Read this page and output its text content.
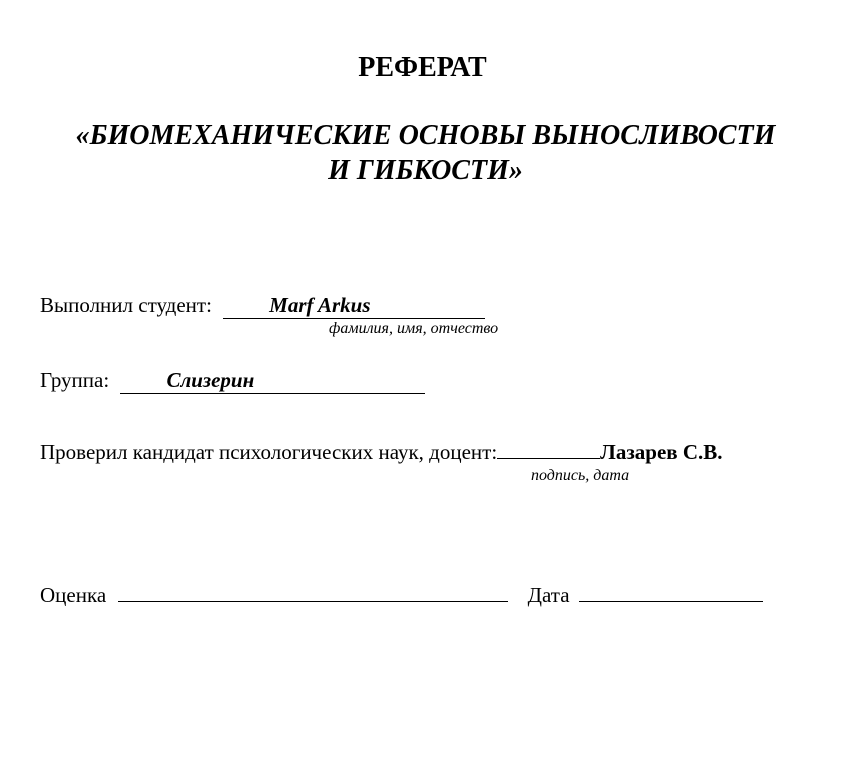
РЕФЕРАТ
«БИОМЕХАНИЧЕСКИЕ ОСНОВЫ ВЫНОСЛИВОСТИ
И ГИБКОСТИ»
Выполнил студент:	Marf Arkus
фамилия, имя, отчество
Группа:	Слизерин
Проверил кандидат психологических наук, доцент:	Лазарев С.В.
подпись, дата
Оценка	Дата
